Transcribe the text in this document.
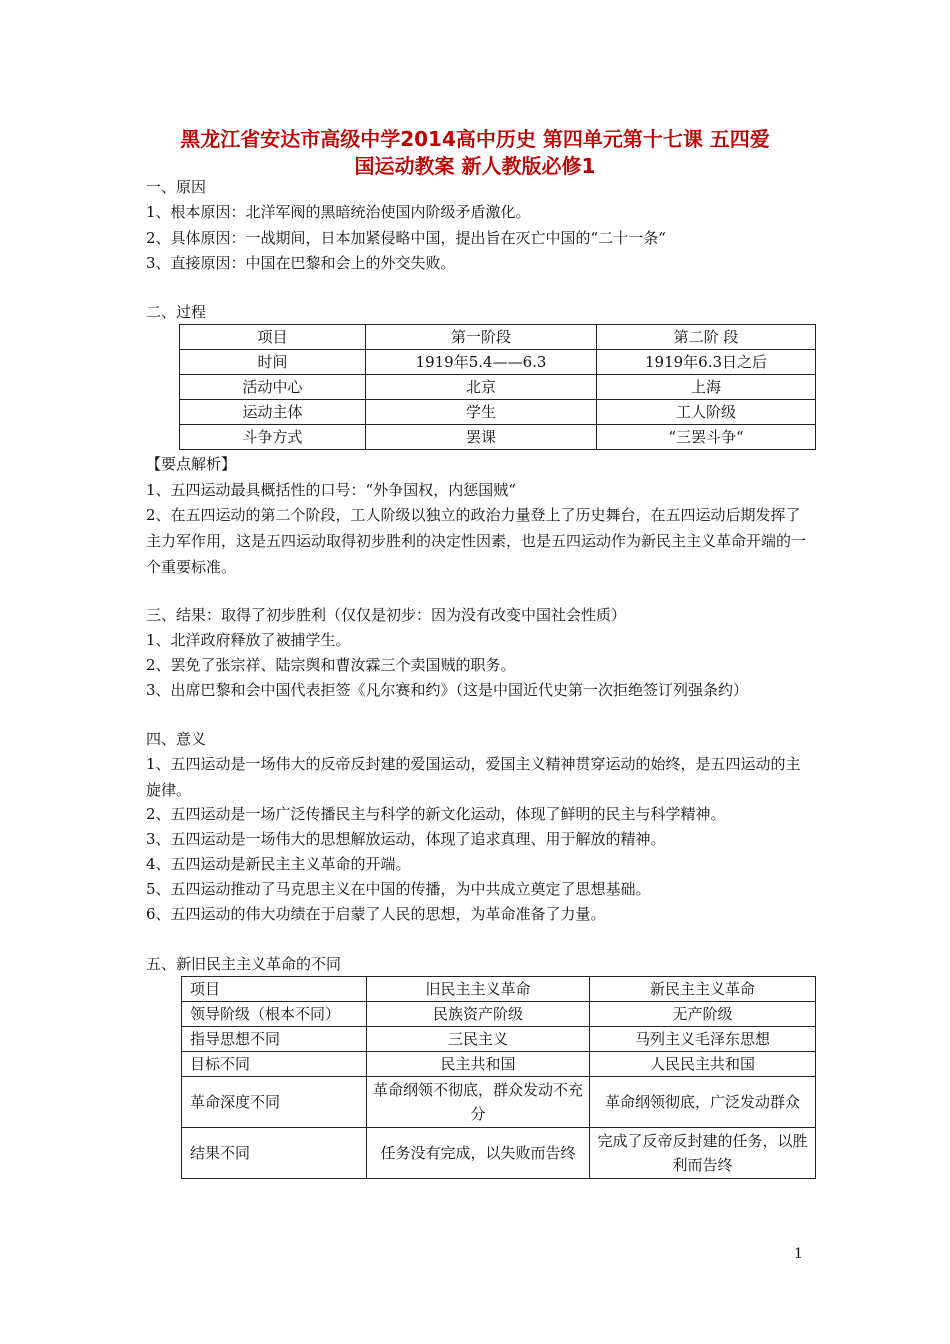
黑龙江省安达市高级中学2014高中历史 第四单元第十七课 五四爱
国运动教案 新人教版必修1
一、原因
1、根本原因：北洋军阀的黑暗统治使国内阶级矛盾激化。
2、具体原因：一战期间，日本加紧侵略中国，提出旨在灭亡中国的“二十一条“
3、直接原因：中国在巴黎和会上的外交失败。
二、过程
项目	第一阶段	第二阶 段
时间	1919年5.4——6.3	1919年6.3日之后
活动中心	北京	上海
运动主体	学生	工人阶级
斗争方式	罢课	“三罢斗争“
【要点解析】
1、五四运动最具概括性的口号：“外争国权，内惩国贼“
2、在五四运动的第二个阶段，工人阶级以独立的政治力量登上了历史舞台，在五四运动后期发挥了主力军作用，这是五四运动取得初步胜利的决定性因素，也是五四运动作为新民主主义革命开端的一个重要标准。
三、结果：取得了初步胜利（仅仅是初步：因为没有改变中国社会性质）
1、北洋政府释放了被捕学生。
2、罢免了张宗祥、陆宗舆和曹汝霖三个卖国贼的职务。
3、出席巴黎和会中国代表拒签《凡尔赛和约》（这是中国近代史第一次拒绝签订列强条约）
四、意义
1、五四运动是一场伟大的反帝反封建的爱国运动，爱国主义精神贯穿运动的始终，是五四运动的主旋律。
2、五四运动是一场广泛传播民主与科学的新文化运动，体现了鲜明的民主与科学精神。
3、五四运动是一场伟大的思想解放运动，体现了追求真理、用于解放的精神。
4、五四运动是新民主主义革命的开端。
5、五四运动推动了马克思主义在中国的传播，为中共成立奠定了思想基础。
6、五四运动的伟大功绩在于启蒙了人民的思想，为革命准备了力量。
五、新旧民主主义革命的不同
项目	旧民主主义革命	新民主主义革命
领导阶级（根本不同）	民族资产阶级	无产阶级
指导思想不同	三民主义	马列主义毛泽东思想
目标不同	民主共和国	人民民主共和国
革命深度不同	革命纲领不彻底，群众发动不充分	革命纲领彻底，广泛发动群众
结果不同	任务没有完成，以失败而告终	完成了反帝反封建的任务，以胜利而告终
1
